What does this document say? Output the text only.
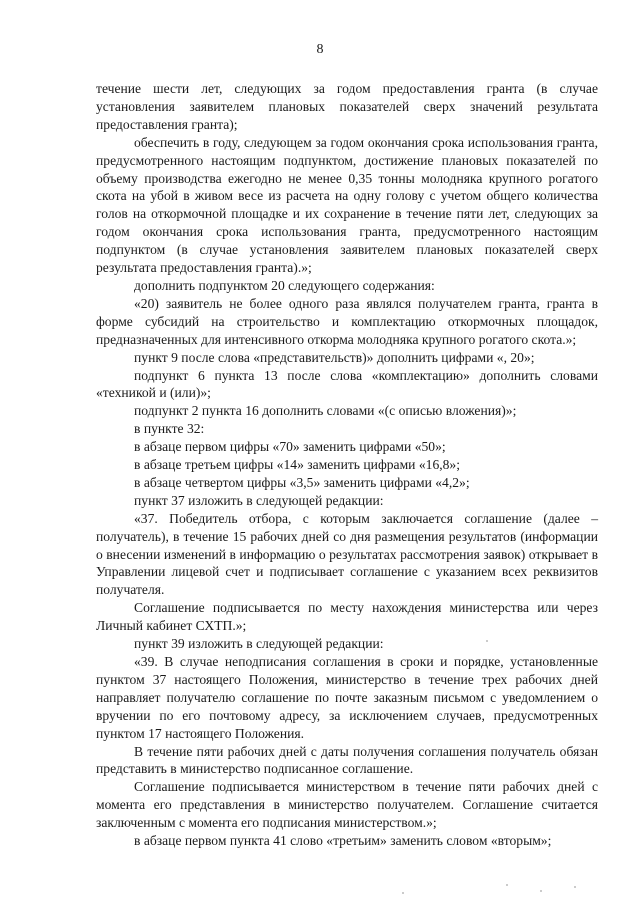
8

течение шести лет, следующих за годом предоставления гранта (в случае установления заявителем плановых показателей сверх значений результата предоставления гранта);

обеспечить в году, следующем за годом окончания срока использования гранта, предусмотренного настоящим подпунктом, достижение плановых показателей по объему производства ежегодно не менее 0,35 тонны молодняка крупного рогатого скота на убой в живом весе из расчета на одну голову с учетом общего количества голов на откормочной площадке и их сохранение в течение пяти лет, следующих за годом окончания срока использования гранта, предусмотренного настоящим подпунктом (в случае установления заявителем плановых показателей сверх результата предоставления гранта).»;

дополнить подпунктом 20 следующего содержания:

«20) заявитель не более одного раза являлся получателем гранта, гранта в форме субсидий на строительство и комплектацию откормочных площадок, предназначенных для интенсивного откорма молодняка крупного рогатого скота.»;

пункт 9 после слова «представительств)» дополнить цифрами «, 20»;

подпункт 6 пункта 13 после слова «комплектацию» дополнить словами «техникой и (или)»;

подпункт 2 пункта 16 дополнить словами «(с описью вложения)»;

в пункте 32:

в абзаце первом цифры «70» заменить цифрами «50»;

в абзаце третьем цифры «14» заменить цифрами «16,8»;

в абзаце четвертом цифры «3,5» заменить цифрами «4,2»;

пункт 37 изложить в следующей редакции:

«37. Победитель отбора, с которым заключается соглашение (далее – получатель), в течение 15 рабочих дней со дня размещения результатов (информации о внесении изменений в информацию о результатах рассмотрения заявок) открывает в Управлении лицевой счет и подписывает соглашение с указанием всех реквизитов получателя.

Соглашение подписывается по месту нахождения министерства или через Личный кабинет СХТП.»;

пункт 39 изложить в следующей редакции:

«39. В случае неподписания соглашения в сроки и порядке, установленные пунктом 37 настоящего Положения, министерство в течение трех рабочих дней направляет получателю соглашение по почте заказным письмом с уведомлением о вручении по его почтовому адресу, за исключением случаев, предусмотренных пунктом 17 настоящего Положения.

В течение пяти рабочих дней с даты получения соглашения получатель обязан представить в министерство подписанное соглашение.

Соглашение подписывается министерством в течение пяти рабочих дней с момента его представления в министерство получателем. Соглашение считается заключенным с момента его подписания министерством.»;

в абзаце первом пункта 41 слово «третьим» заменить словом «вторым»;
